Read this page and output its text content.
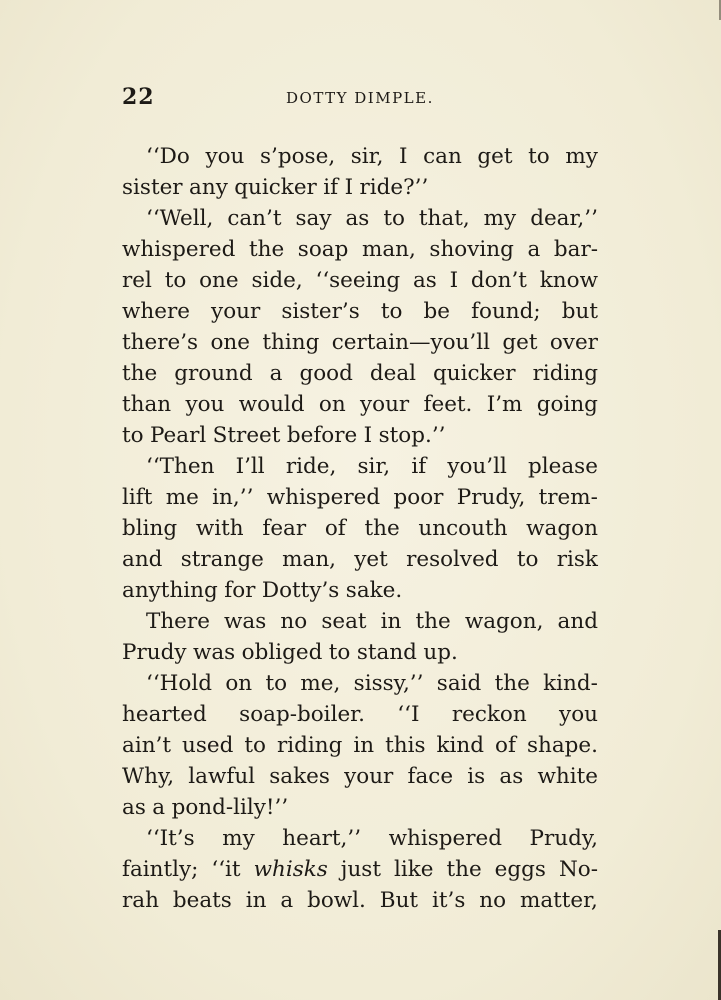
22	DOTTY DIMPLE.
‘‘Do you s’pose, sir, I can get to my
sister any quicker if I ride?’’
‘‘Well, can’t say as to that, my dear,’’
whispered the soap man, shoving a bar-
rel to one side, ‘‘seeing as I don’t know
where your sister’s to be found; but
there’s one thing certain—you’ll get over
the ground a good deal quicker riding
than you would on your feet. I’m going
to Pearl Street before I stop.’’
‘‘Then I’ll ride, sir, if you’ll please
lift me in,’’ whispered poor Prudy, trem-
bling with fear of the uncouth wagon
and strange man, yet resolved to risk
anything for Dotty’s sake.
There was no seat in the wagon, and
Prudy was obliged to stand up.
‘‘Hold on to me, sissy,’’ said the kind-
hearted soap-boiler. ‘‘I reckon you
ain’t used to riding in this kind of shape.
Why, lawful sakes your face is as white
as a pond-lily!’’
‘‘It’s my heart,’’ whispered Prudy,
faintly; ‘‘it whisks just like the eggs No-
rah beats in a bowl. But it’s no matter,
